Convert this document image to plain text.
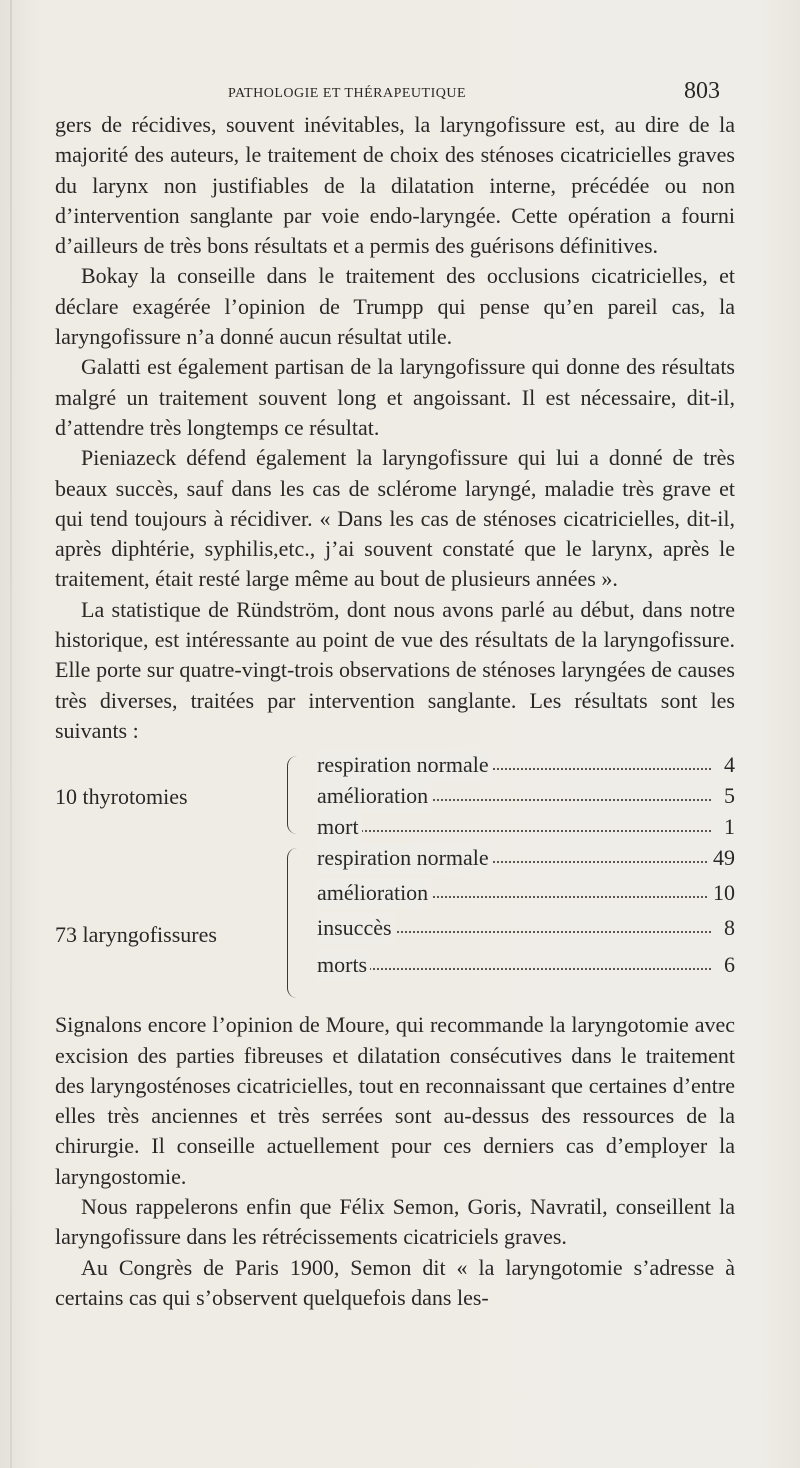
PATHOLOGIE ET THÉRAPEUTIQUE	803

gers de récidives, souvent inévitables, la laryngofissure est, au dire de la majorité des auteurs, le traitement de choix des sténoses cicatricielles graves du larynx non justifiables de la dilatation interne, précédée ou non d’intervention sanglante par voie endo-laryngée. Cette opération a fourni d’ailleurs de très bons résultats et a permis des guérisons définitives.

Bokay la conseille dans le traitement des occlusions cicatricielles, et déclare exagérée l’opinion de Trumpp qui pense qu’en pareil cas, la laryngofissure n’a donné aucun résultat utile.

Galatti est également partisan de la laryngofissure qui donne des résultats malgré un traitement souvent long et angoissant. Il est nécessaire, dit-il, d’attendre très longtemps ce résultat.

Pieniazeck défend également la laryngofissure qui lui a donné de très beaux succès, sauf dans les cas de sclérome laryngé, maladie très grave et qui tend toujours à récidiver. « Dans les cas de sténoses cicatricielles, dit-il, après diphtérie, syphilis,etc., j’ai souvent constaté que le larynx, après le traitement, était resté large même au bout de plusieurs années ».

La statistique de Ründström, dont nous avons parlé au début, dans notre historique, est intéressante au point de vue des résultats de la laryngofissure. Elle porte sur quatre-vingt-trois observations de sténoses laryngées de causes très diverses, traitées par intervention sanglante. Les résultats sont les suivants :

10 thyrotomies
respiration normale	4
amélioration	5
mort	1
73 laryngofissures
respiration normale	49
amélioration	10
insuccès	8
morts	6

Signalons encore l’opinion de Moure, qui recommande la laryngotomie avec excision des parties fibreuses et dilatation consécutives dans le traitement des laryngosténoses cicatricielles, tout en reconnaissant que certaines d’entre elles très anciennes et très serrées sont au-dessus des ressources de la chirurgie. Il conseille actuellement pour ces derniers cas d’employer la laryngostomie.

Nous rappelerons enfin que Félix Semon, Goris, Navratil, conseillent la laryngofissure dans les rétrécissements cicatriciels graves.

Au Congrès de Paris 1900, Semon dit « la laryngotomie s’adresse à certains cas qui s’observent quelquefois dans les-
